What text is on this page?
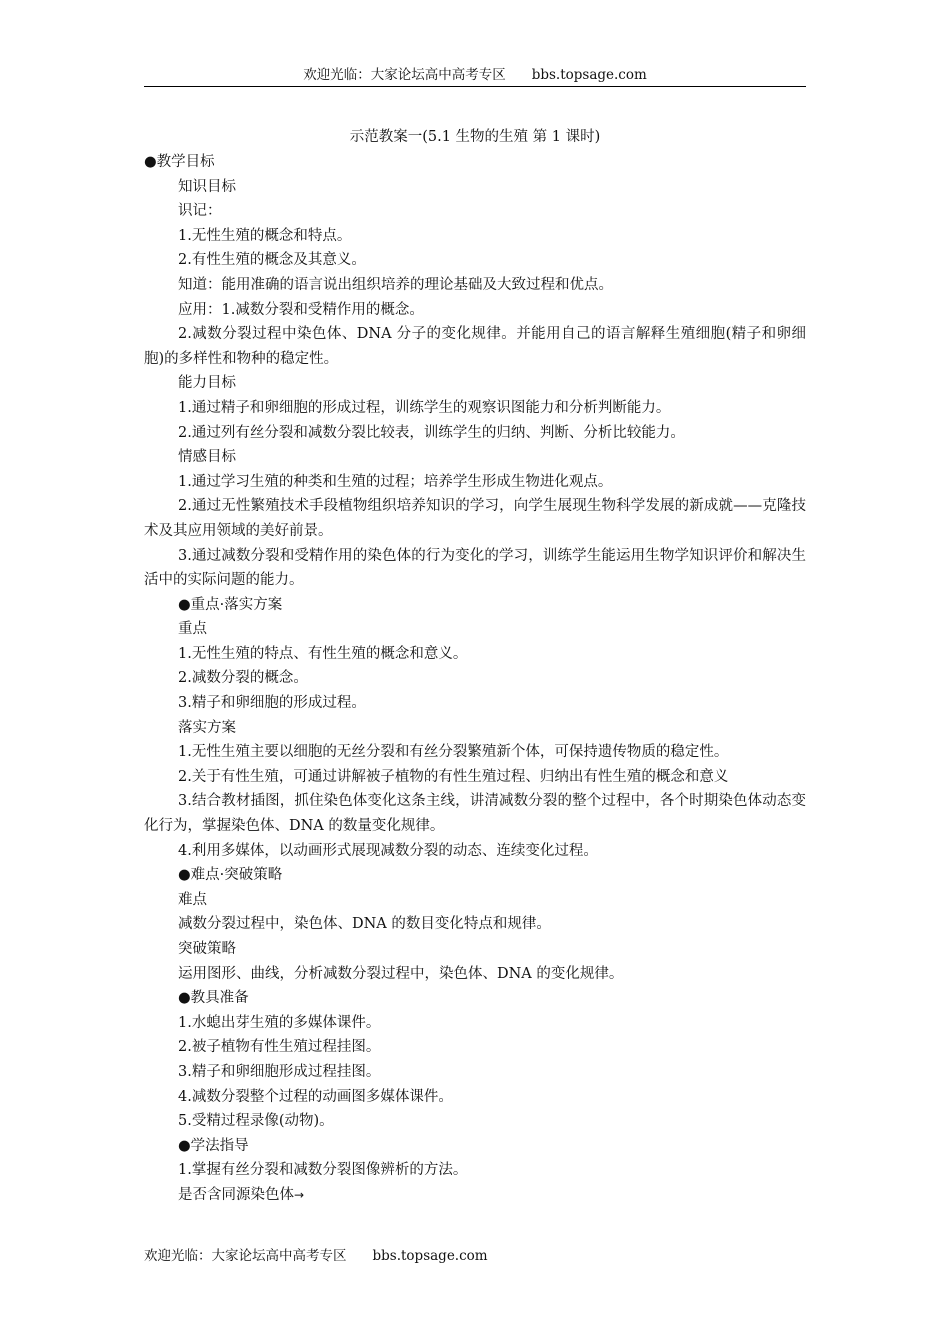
欢迎光临：大家论坛高中高考专区 bbs.topsage.com
示范教案一(5.1 生物的生殖 第 1 课时)
●教学目标
知识目标
识记：
1.无性生殖的概念和特点。
2.有性生殖的概念及其意义。
知道：能用准确的语言说出组织培养的理论基础及大致过程和优点。
应用：1.减数分裂和受精作用的概念。
2.减数分裂过程中染色体、DNA 分子的变化规律。并能用自己的语言解释生殖细胞(精子和卵细胞)的多样性和物种的稳定性。
能力目标
1.通过精子和卵细胞的形成过程，训练学生的观察识图能力和分析判断能力。
2.通过列有丝分裂和减数分裂比较表，训练学生的归纳、判断、分析比较能力。
情感目标
1.通过学习生殖的种类和生殖的过程；培养学生形成生物进化观点。
2.通过无性繁殖技术手段植物组织培养知识的学习，向学生展现生物科学发展的新成就——克隆技术及其应用领域的美好前景。
3.通过减数分裂和受精作用的染色体的行为变化的学习，训练学生能运用生物学知识评价和解决生活中的实际问题的能力。
●重点·落实方案
重点
1.无性生殖的特点、有性生殖的概念和意义。
2.减数分裂的概念。
3.精子和卵细胞的形成过程。
落实方案
1.无性生殖主要以细胞的无丝分裂和有丝分裂繁殖新个体，可保持遗传物质的稳定性。
2.关于有性生殖，可通过讲解被子植物的有性生殖过程、归纳出有性生殖的概念和意义
3.结合教材插图，抓住染色体变化这条主线，讲清减数分裂的整个过程中，各个时期染色体动态变化行为，掌握染色体、DNA 的数量变化规律。
4.利用多媒体，以动画形式展现减数分裂的动态、连续变化过程。
●难点·突破策略
难点
减数分裂过程中，染色体、DNA 的数目变化特点和规律。
突破策略
运用图形、曲线，分析减数分裂过程中，染色体、DNA 的变化规律。
●教具准备
1.水螅出芽生殖的多媒体课件。
2.被子植物有性生殖过程挂图。
3.精子和卵细胞形成过程挂图。
4.减数分裂整个过程的动画图多媒体课件。
5.受精过程录像(动物)。
●学法指导
1.掌握有丝分裂和减数分裂图像辨析的方法。
是否含同源染色体→
欢迎光临：大家论坛高中高考专区 bbs.topsage.com
